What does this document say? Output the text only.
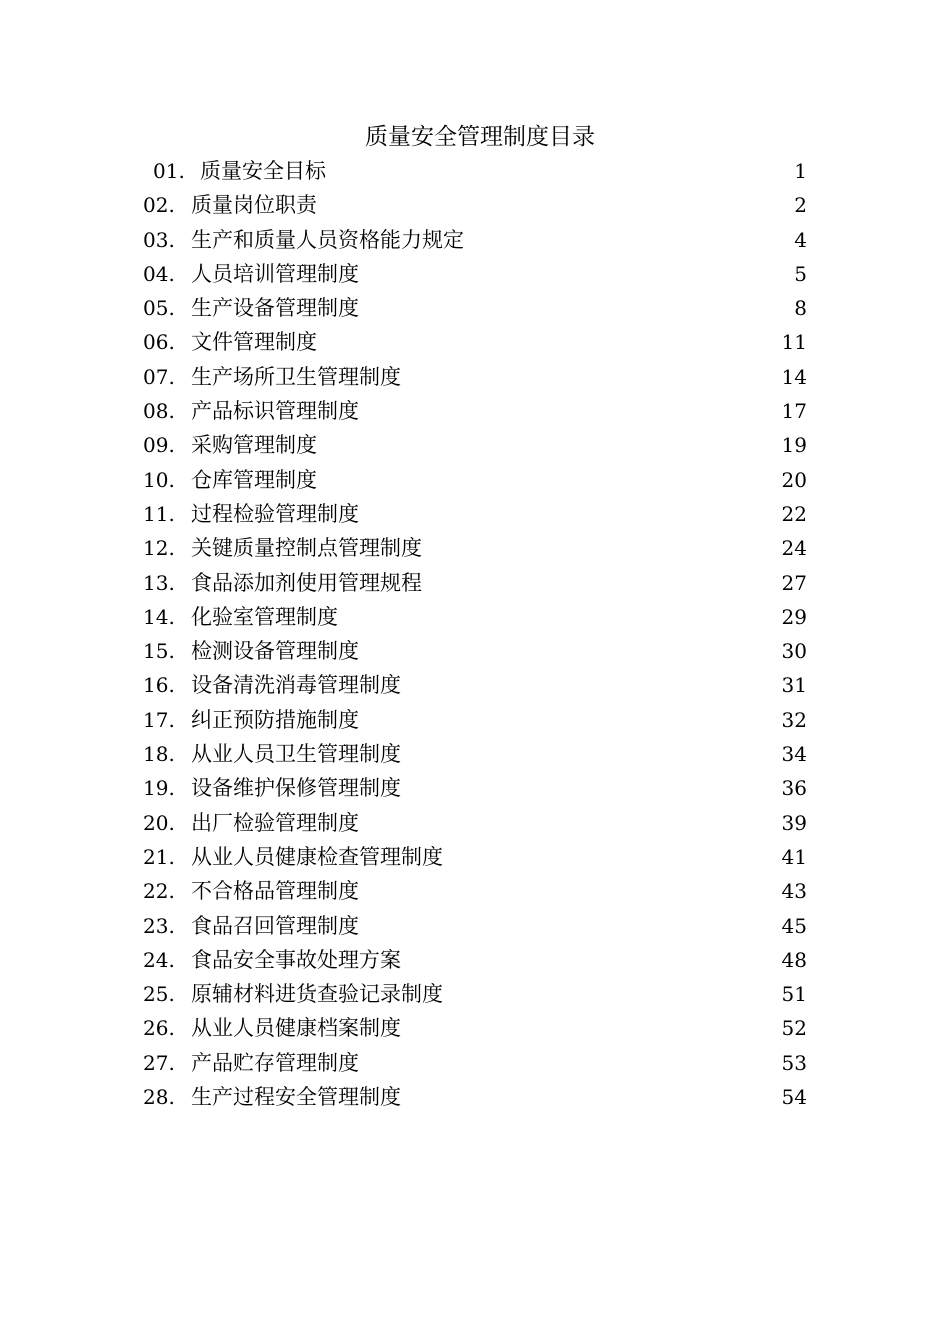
质量安全管理制度目录
01. 质量安全目标	1
02. 质量岗位职责	2
03. 生产和质量人员资格能力规定	4
04. 人员培训管理制度	5
05. 生产设备管理制度	8
06. 文件管理制度	11
07. 生产场所卫生管理制度	14
08. 产品标识管理制度	17
09. 采购管理制度	19
10. 仓库管理制度	20
11. 过程检验管理制度	22
12. 关键质量控制点管理制度	24
13. 食品添加剂使用管理规程	27
14. 化验室管理制度	29
15. 检测设备管理制度	30
16. 设备清洗消毒管理制度	31
17. 纠正预防措施制度	32
18. 从业人员卫生管理制度	34
19. 设备维护保修管理制度	36
20. 出厂检验管理制度	39
21. 从业人员健康检查管理制度	41
22. 不合格品管理制度	43
23. 食品召回管理制度	45
24. 食品安全事故处理方案	48
25. 原辅材料进货查验记录制度	51
26. 从业人员健康档案制度	52
27. 产品贮存管理制度	53
28. 生产过程安全管理制度	54
